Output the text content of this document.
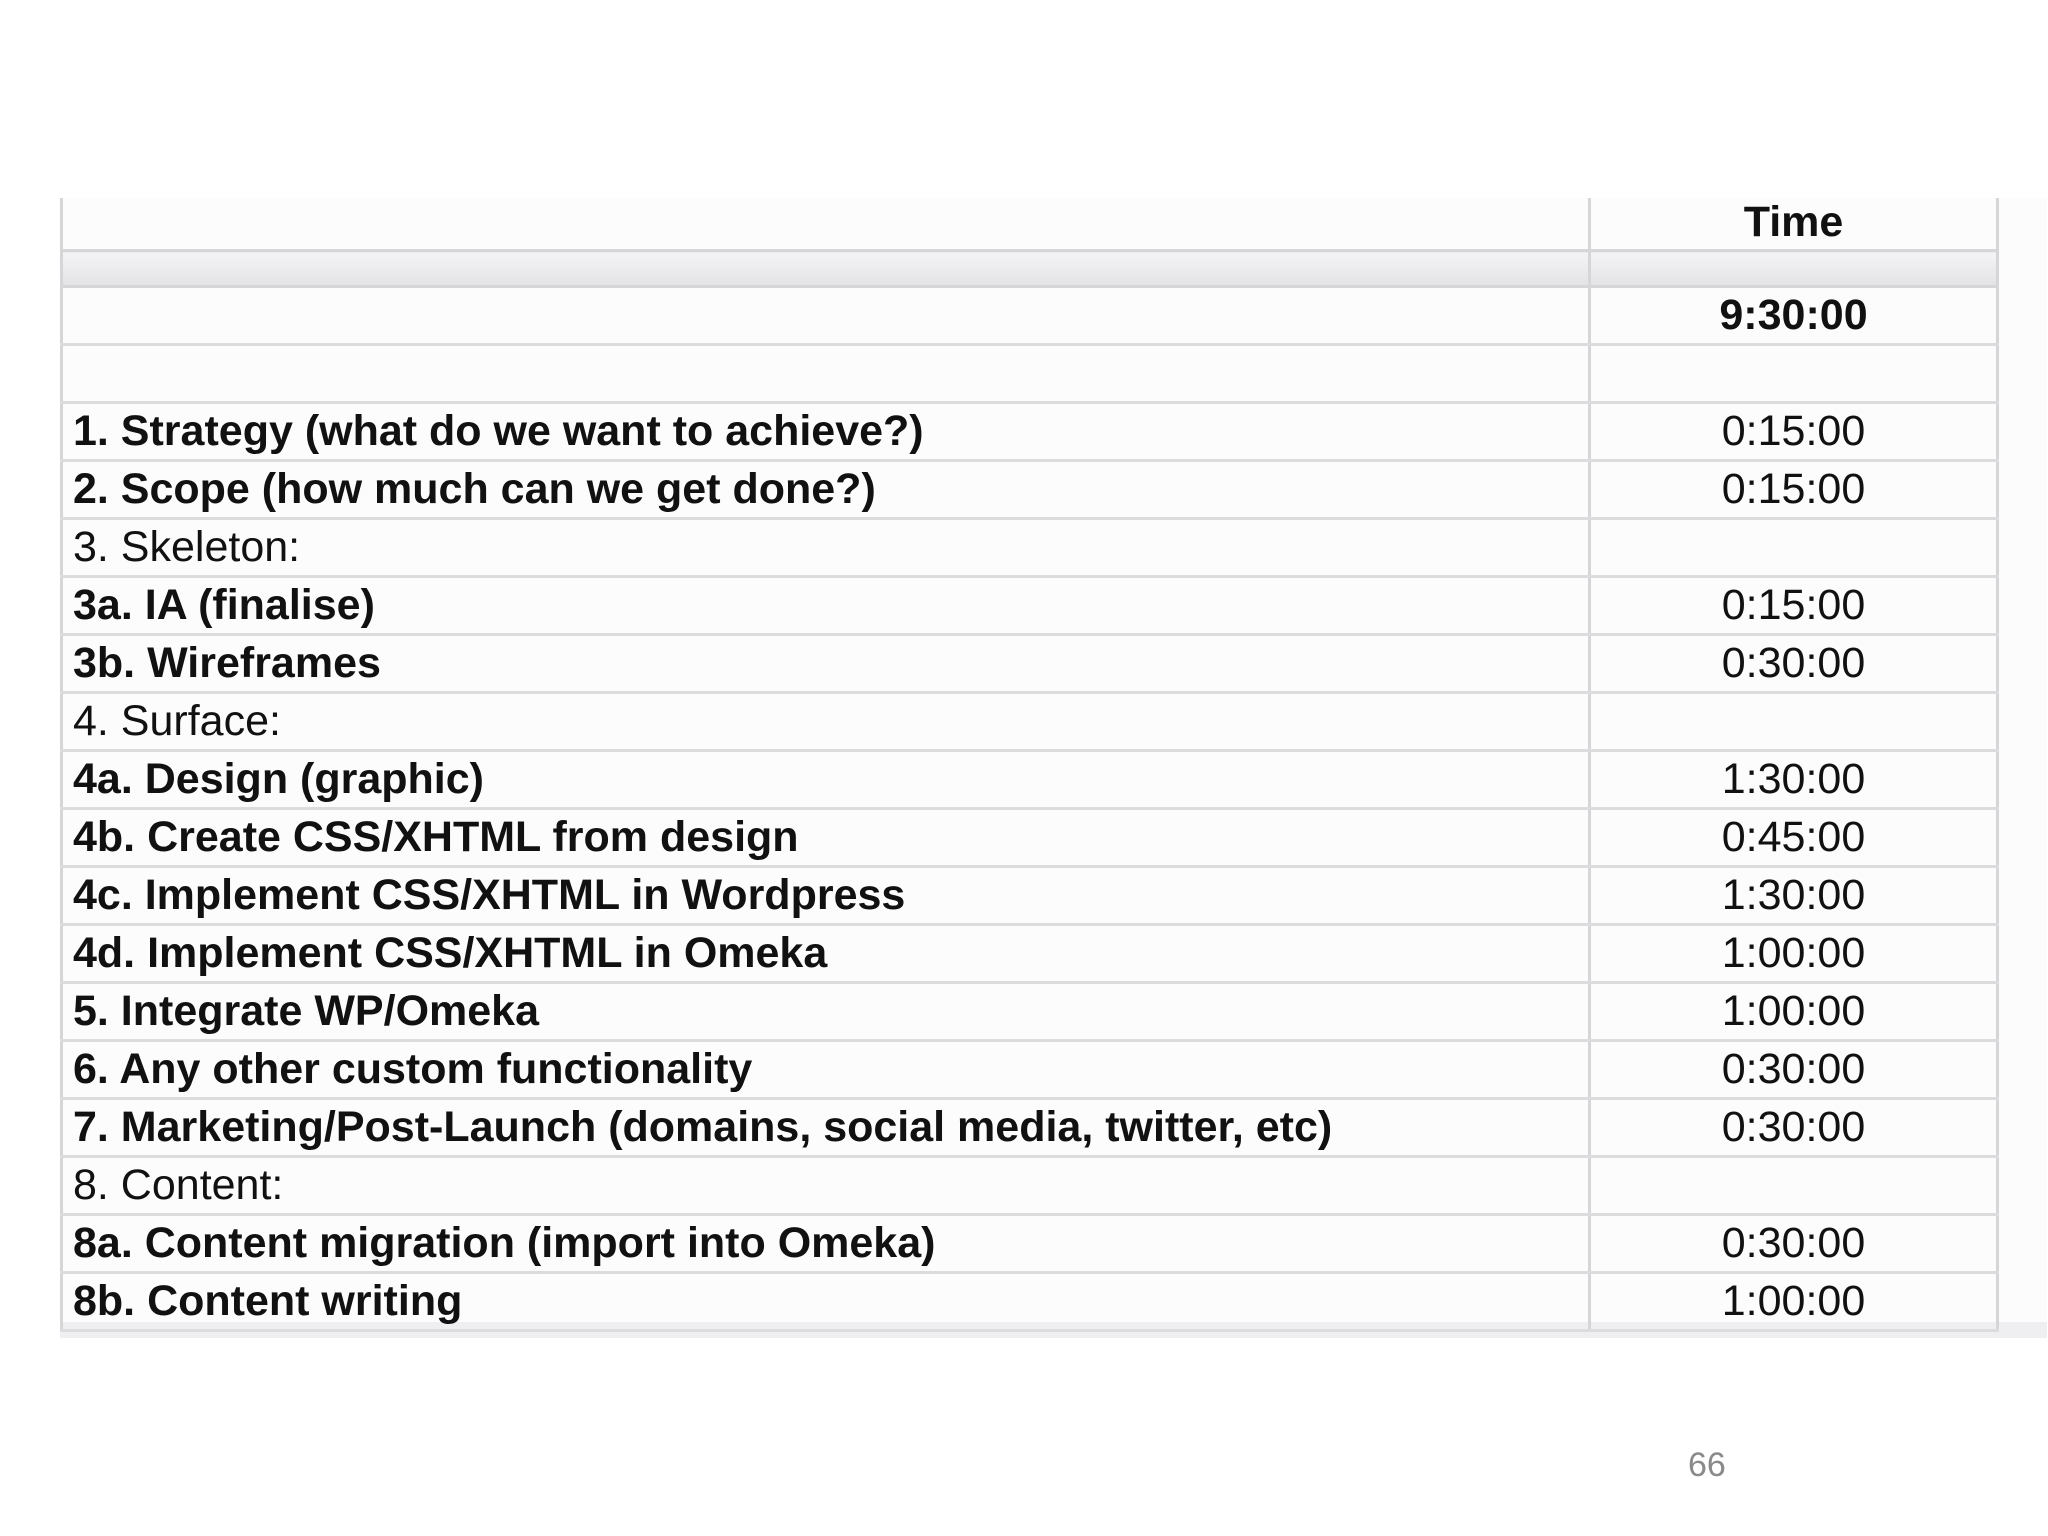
	Time

	9:30:00

1. Strategy (what do we want to achieve?)	0:15:00
2. Scope (how much can we get done?)	0:15:00
3. Skeleton:	
3a. IA (finalise)	0:15:00
3b. Wireframes	0:30:00
4. Surface:	
4a. Design (graphic)	1:30:00
4b. Create CSS/XHTML from design	0:45:00
4c. Implement CSS/XHTML in Wordpress	1:30:00
4d. Implement CSS/XHTML in Omeka	1:00:00
5. Integrate WP/Omeka	1:00:00
6. Any other custom functionality	0:30:00
7. Marketing/Post-Launch (domains, social media, twitter, etc)	0:30:00
8. Content:	
8a. Content migration (import into Omeka)	0:30:00
8b. Content writing	1:00:00
66
